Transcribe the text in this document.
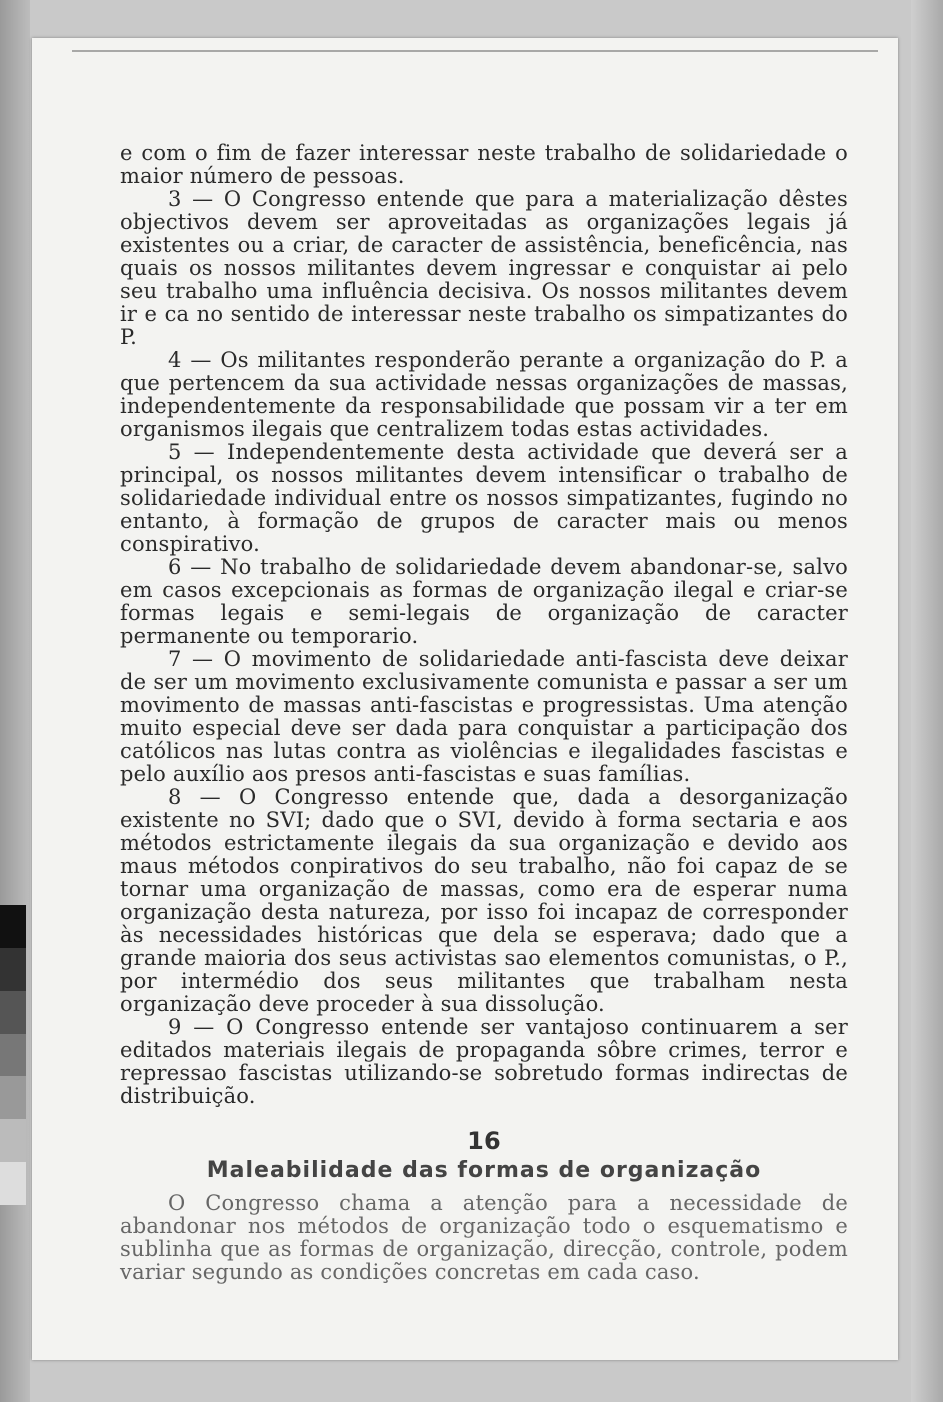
e com o fim de fazer interessar neste trabalho de solidariedade o maior número de pessoas.

3 — O Congresso entende que para a materialização dêstes objectivos devem ser aproveitadas as organizações legais já existentes ou a criar, de caracter de assistência, beneficência, nas quais os nossos militantes devem ingressar e conquistar ai pelo seu trabalho uma influência decisiva. Os nossos militantes devem ir e ca no sentido de interessar neste trabalho os simpatizantes do P.

4 — Os militantes responderão perante a organização do P. a que pertencem da sua actividade nessas organizações de massas, independentemente da responsabilidade que possam vir a ter em organismos ilegais que centralizem todas estas actividades.

5 — Independentemente desta actividade que deverá ser a principal, os nossos militantes devem intensificar o trabalho de solidariedade individual entre os nossos simpatizantes, fugindo no entanto, à formação de grupos de caracter mais ou menos conspirativo.

6 — No trabalho de solidariedade devem abandonar-se, salvo em casos excepcionais as formas de organização ilegal e criar-se formas legais e semi-legais de organização de caracter permanente ou temporario.

7 — O movimento de solidariedade anti-fascista deve deixar de ser um movimento exclusivamente comunista e passar a ser um movimento de massas anti-fascistas e progressistas. Uma atenção muito especial deve ser dada para conquistar a participação dos católicos nas lutas contra as violências e ilegalidades fascistas e pelo auxílio aos presos anti-fascistas e suas famílias.

8 — O Congresso entende que, dada a desorganização existente no SVI; dado que o SVI, devido à forma sectaria e aos métodos estrictamente ilegais da sua organização e devido aos maus métodos conpirativos do seu trabalho, não foi capaz de se tornar uma organização de massas, como era de esperar numa organização desta natureza, por isso foi incapaz de corresponder às necessidades históricas que dela se esperava; dado que a grande maioria dos seus activistas sao elementos comunistas, o P., por intermédio dos seus militantes que trabalham nesta organização deve proceder à sua dissolução.

9 — O Congresso entende ser vantajoso continuarem a ser editados materiais ilegais de propaganda sôbre crimes, terror e repressao fascistas utilizando-se sobretudo formas indirectas de distribuição.

16
Maleabilidade das formas de organização

O Congresso chama a atenção para a necessidade de abandonar nos métodos de organização todo o esquematismo e sublinha que as formas de organização, direcção, controle, podem variar segundo as condições concretas em cada caso.
